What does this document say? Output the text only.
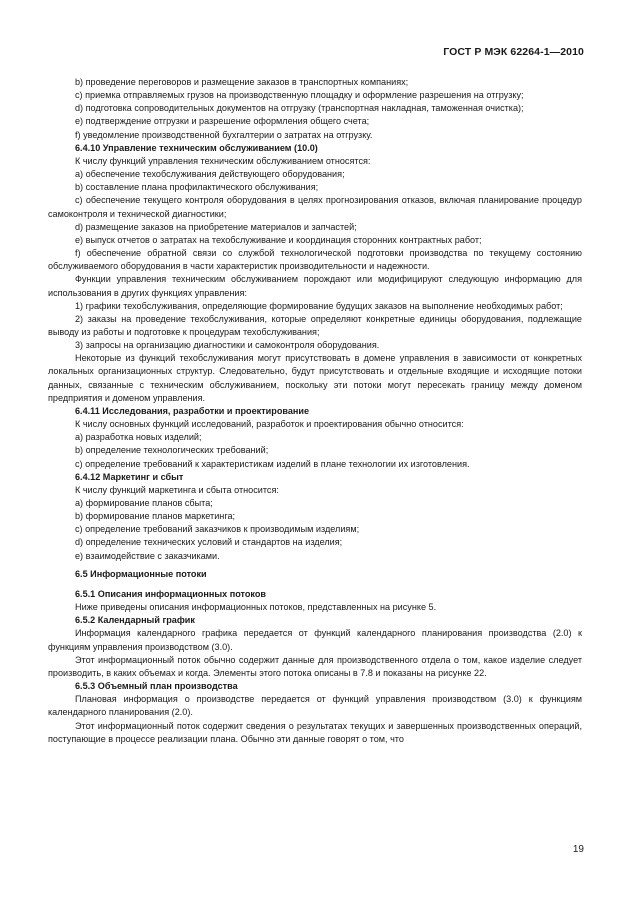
ГОСТ Р МЭК 62264-1—2010

b) проведение переговоров и размещение заказов в транспортных компаниях;

c) приемка отправляемых грузов на производственную площадку и оформление разрешения на отгрузку;

d) подготовка сопроводительных документов на отгрузку (транспортная накладная, таможенная очистка);

e) подтверждение отгрузки и разрешение оформления общего счета;

f) уведомление производственной бухгалтерии о затратах на отгрузку.

6.4.10 Управление техническим обслуживанием (10.0)

К числу функций управления техническим обслуживанием относятся:

a) обеспечение техобслуживания действующего оборудования;

b) составление плана профилактического обслуживания;

c) обеспечение текущего контроля оборудования в целях прогнозирования отказов, включая планирование процедур самоконтроля и технической диагностики;

d) размещение заказов на приобретение материалов и запчастей;

e) выпуск отчетов о затратах на техобслуживание и координация сторонних контрактных работ;

f) обеспечение обратной связи со службой технологической подготовки производства по текущему состоянию обслуживаемого оборудования в части характеристик производительности и надежности.

Функции управления техническим обслуживанием порождают или модифицируют следующую информацию для использования в других функциях управления:

1) графики техобслуживания, определяющие формирование будущих заказов на выполнение необходимых работ;

2) заказы на проведение техобслуживания, которые определяют конкретные единицы оборудования, подлежащие выводу из работы и подготовке к процедурам техобслуживания;

3) запросы на организацию диагностики и самоконтроля оборудования.

Некоторые из функций техобслуживания могут присутствовать в домене управления в зависимости от конкретных локальных организационных структур. Следовательно, будут присутствовать и отдельные входящие и исходящие потоки данных, связанные с техническим обслуживанием, поскольку эти потоки могут пересекать границу между доменом предприятия и доменом управления.

6.4.11 Исследования, разработки и проектирование

К числу основных функций исследований, разработок и проектирования обычно относится:

a) разработка новых изделий;

b) определение технологических требований;

c) определение требований к характеристикам изделий в плане технологии их изготовления.

6.4.12 Маркетинг и сбыт

К числу функций маркетинга и сбыта относится:

a) формирование планов сбыта;

b) формирование планов маркетинга;

c) определение требований заказчиков к производимым изделиям;

d) определение технических условий и стандартов на изделия;

e) взаимодействие с заказчиками.

6.5 Информационные потоки

6.5.1 Описания информационных потоков

Ниже приведены описания информационных потоков, представленных на рисунке 5.

6.5.2 Календарный график

Информация календарного графика передается от функций календарного планирования производства (2.0) к функциям управления производством (3.0).

Этот информационный поток обычно содержит данные для производственного отдела о том, какое изделие следует производить, в каких объемах и когда. Элементы этого потока описаны в 7.8 и показаны на рисунке 22.

6.5.3 Объемный план производства

Плановая информация о производстве передается от функций управления производством (3.0) к функциям календарного планирования (2.0).

Этот информационный поток содержит сведения о результатах текущих и завершенных производственных операций, поступающие в процессе реализации плана. Обычно эти данные говорят о том, что

19
